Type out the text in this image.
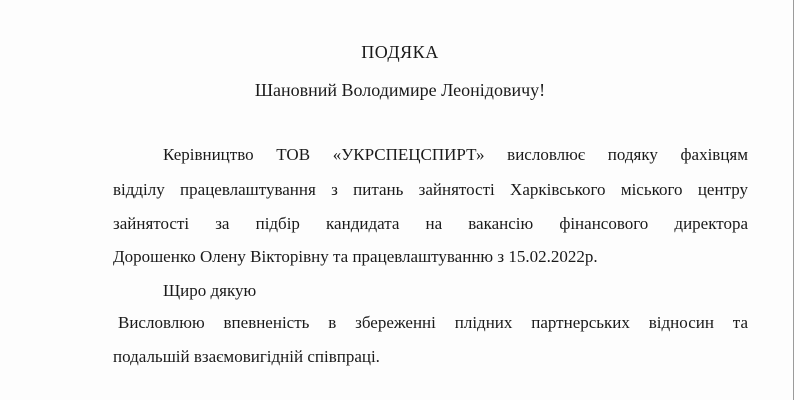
ПОДЯКА
Шановний Володимире Леонідовичу!
Керівництво ТОВ «УКРСПЕЦСПИРТ» висловлює подяку фахівцям
відділу працевлаштування з питань зайнятості Харківського міського центру
зайнятості за підбір кандидата на вакансію фінансового директора
Дорошенко Олену Вікторівну та працевлаштуванню з 15.02.2022р.
Щиро дякую
Висловлюю впевненість в збереженні плідних партнерських відносин та
подальшій взаємовигідній співпраці.
